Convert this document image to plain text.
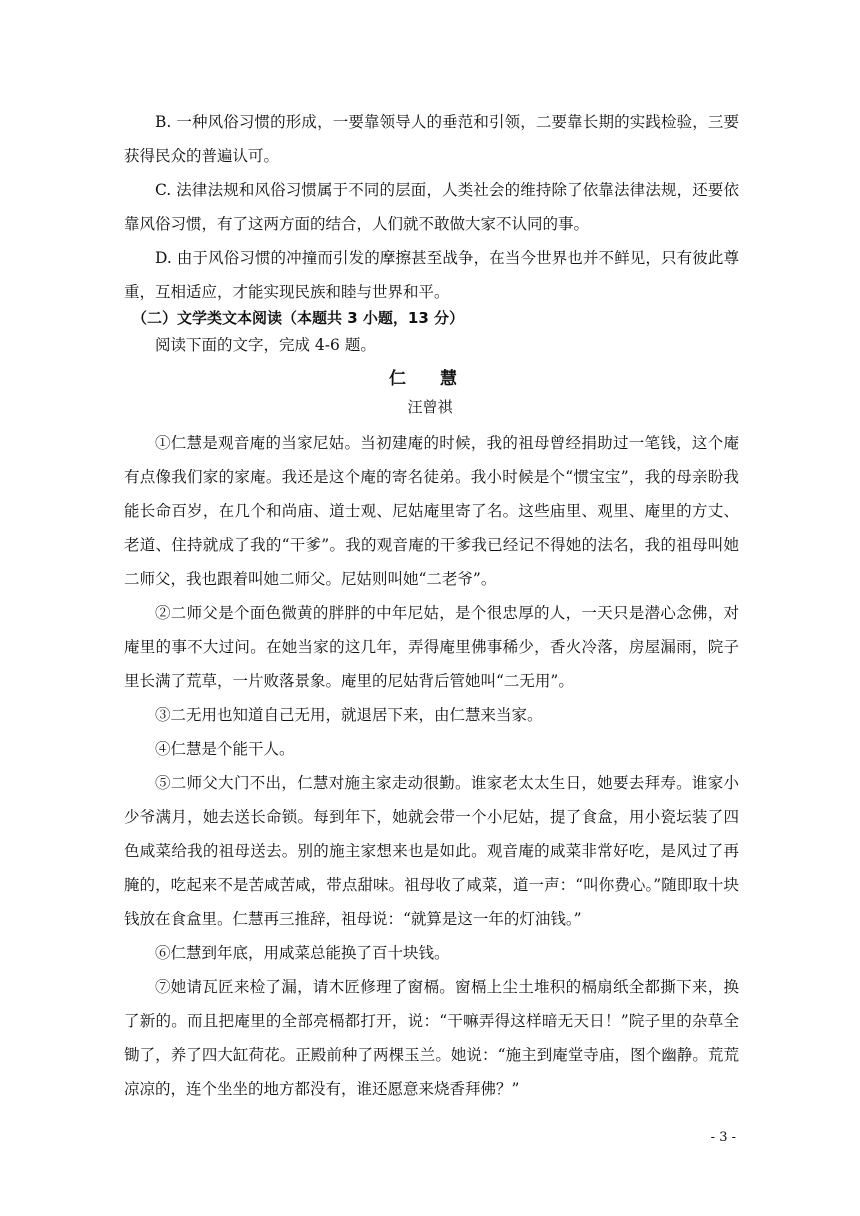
B. 一种风俗习惯的形成，一要靠领导人的垂范和引领，二要靠长期的实践检验，三要获得民众的普遍认可。

C. 法律法规和风俗习惯属于不同的层面，人类社会的维持除了依靠法律法规，还要依靠风俗习惯，有了这两方面的结合，人们就不敢做大家不认同的事。

D. 由于风俗习惯的冲撞而引发的摩擦甚至战争，在当今世界也并不鲜见，只有彼此尊重，互相适应，才能实现民族和睦与世界和平。

（二）文学类文本阅读（本题共 3 小题，13 分）

阅读下面的文字，完成 4-6 题。

仁 慧

汪曾祺

①仁慧是观音庵的当家尼姑。当初建庵的时候，我的祖母曾经捐助过一笔钱，这个庵有点像我们家的家庵。我还是这个庵的寄名徒弟。我小时候是个“惯宝宝”，我的母亲盼我能长命百岁，在几个和尚庙、道士观、尼姑庵里寄了名。这些庙里、观里、庵里的方丈、老道、住持就成了我的“干爹”。我的观音庵的干爹我已经记不得她的法名，我的祖母叫她二师父，我也跟着叫她二师父。尼姑则叫她“二老爷”。

②二师父是个面色微黄的胖胖的中年尼姑，是个很忠厚的人，一天只是潜心念佛，对庵里的事不大过问。在她当家的这几年，弄得庵里佛事稀少，香火冷落，房屋漏雨，院子里长满了荒草，一片败落景象。庵里的尼姑背后管她叫“二无用”。

③二无用也知道自己无用，就退居下来，由仁慧来当家。

④仁慧是个能干人。

⑤二师父大门不出，仁慧对施主家走动很勤。谁家老太太生日，她要去拜寿。谁家小少爷满月，她去送长命锁。每到年下，她就会带一个小尼姑，提了食盒，用小瓷坛装了四色咸菜给我的祖母送去。别的施主家想来也是如此。观音庵的咸菜非常好吃，是风过了再腌的，吃起来不是苦咸苦咸，带点甜味。祖母收了咸菜，道一声：“叫你费心。”随即取十块钱放在食盒里。仁慧再三推辞，祖母说：“就算是这一年的灯油钱。”

⑥仁慧到年底，用咸菜总能换了百十块钱。

⑦她请瓦匠来检了漏，请木匠修理了窗槅。窗槅上尘土堆积的槅扇纸全都撕下来，换了新的。而且把庵里的全部亮槅都打开，说：“干嘛弄得这样暗无天日！”院子里的杂草全锄了，养了四大缸荷花。正殿前种了两棵玉兰。她说：“施主到庵堂寺庙，图个幽静。荒荒凉凉的，连个坐坐的地方都没有，谁还愿意来烧香拜佛？”

- 3 -
